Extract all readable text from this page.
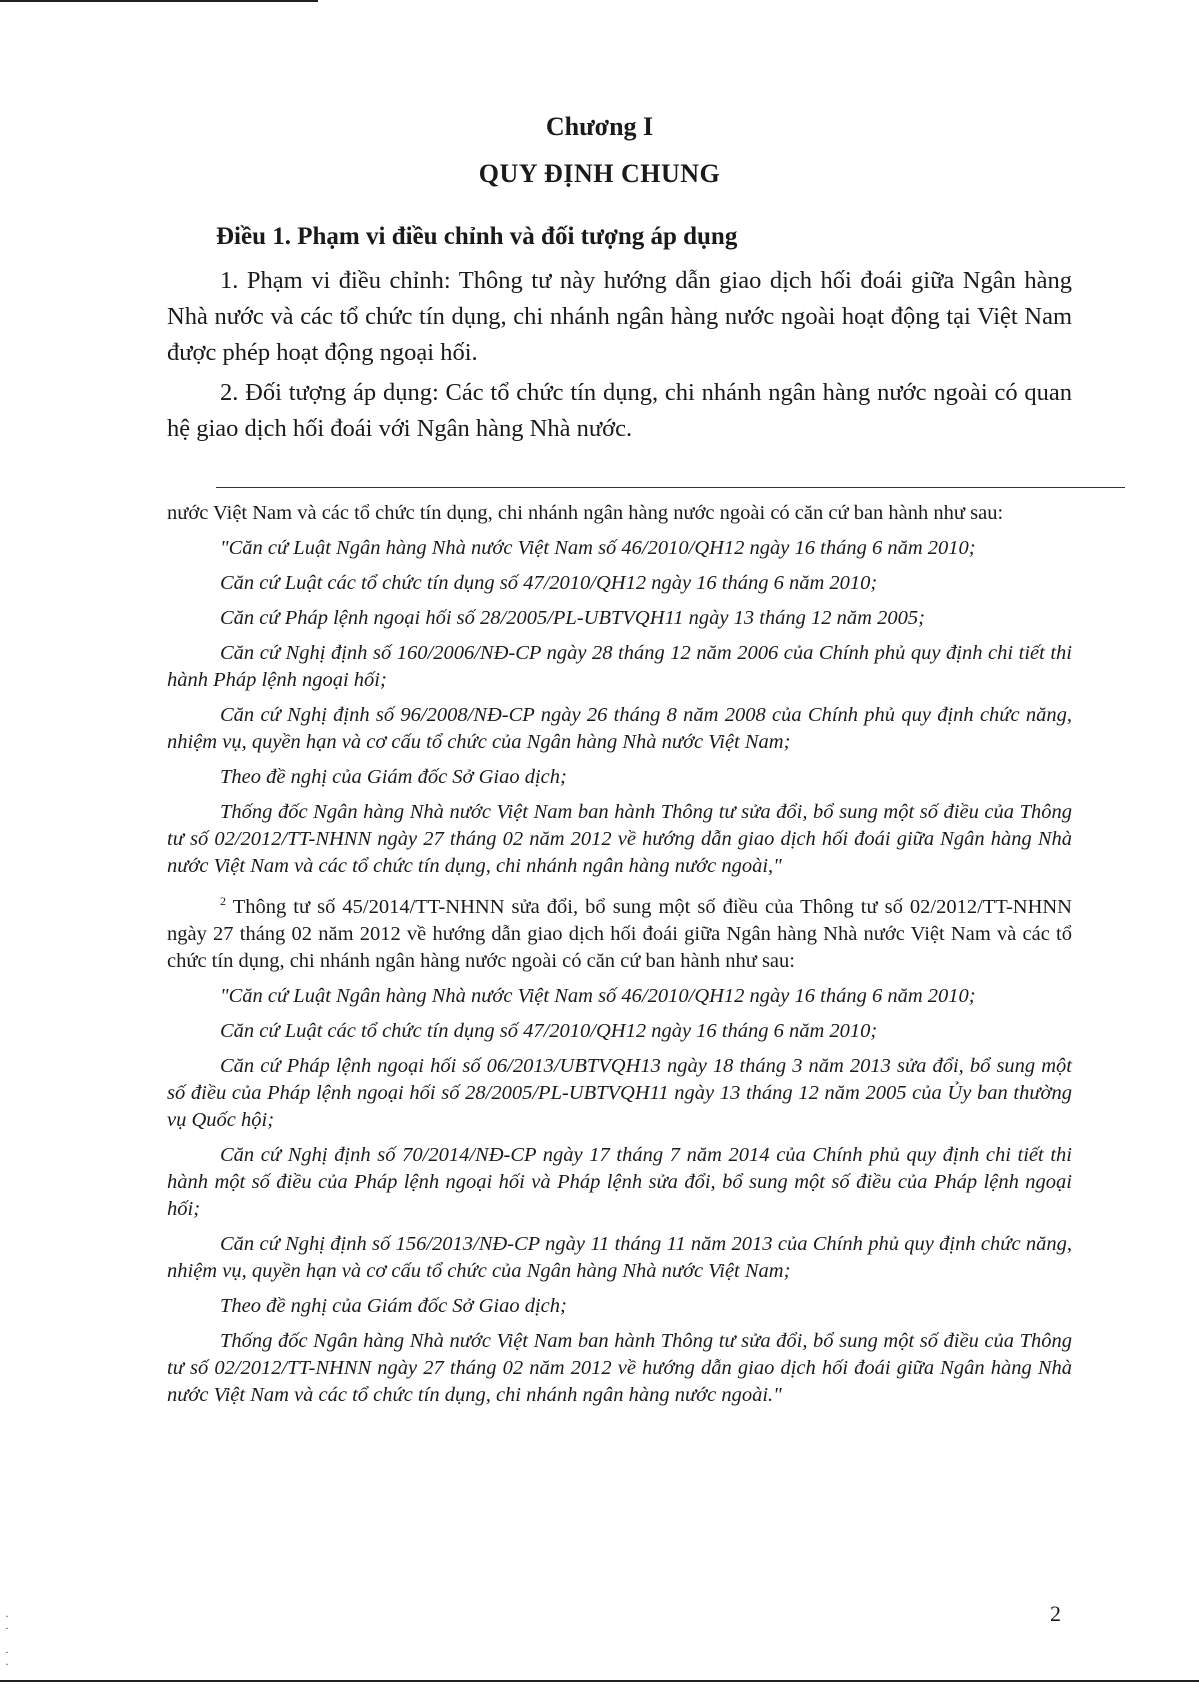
Chương I
QUY ĐỊNH CHUNG
Điều 1. Phạm vi điều chỉnh và đối tượng áp dụng

1. Phạm vi điều chỉnh: Thông tư này hướng dẫn giao dịch hối đoái giữa Ngân hàng Nhà nước và các tổ chức tín dụng, chi nhánh ngân hàng nước ngoài hoạt động tại Việt Nam được phép hoạt động ngoại hối.

2. Đối tượng áp dụng: Các tổ chức tín dụng, chi nhánh ngân hàng nước ngoài có quan hệ giao dịch hối đoái với Ngân hàng Nhà nước.

nước Việt Nam và các tổ chức tín dụng, chi nhánh ngân hàng nước ngoài có căn cứ ban hành như sau:

"Căn cứ Luật Ngân hàng Nhà nước Việt Nam số 46/2010/QH12 ngày 16 tháng 6 năm 2010;

Căn cứ Luật các tổ chức tín dụng số 47/2010/QH12 ngày 16 tháng 6 năm 2010;

Căn cứ Pháp lệnh ngoại hối số 28/2005/PL-UBTVQH11 ngày 13 tháng 12 năm 2005;

Căn cứ Nghị định số 160/2006/NĐ-CP ngày 28 tháng 12 năm 2006 của Chính phủ quy định chi tiết thi hành Pháp lệnh ngoại hối;

Căn cứ Nghị định số 96/2008/NĐ-CP ngày 26 tháng 8 năm 2008 của Chính phủ quy định chức năng, nhiệm vụ, quyền hạn và cơ cấu tổ chức của Ngân hàng Nhà nước Việt Nam;

Theo đề nghị của Giám đốc Sở Giao dịch;

Thống đốc Ngân hàng Nhà nước Việt Nam ban hành Thông tư sửa đổi, bổ sung một số điều của Thông tư số 02/2012/TT-NHNN ngày 27 tháng 02 năm 2012 về hướng dẫn giao dịch hối đoái giữa Ngân hàng Nhà nước Việt Nam và các tổ chức tín dụng, chi nhánh ngân hàng nước ngoài,"

$^2$ Thông tư số 45/2014/TT-NHNN sửa đổi, bổ sung một số điều của Thông tư số 02/2012/TT-NHNN ngày 27 tháng 02 năm 2012 về hướng dẫn giao dịch hối đoái giữa Ngân hàng Nhà nước Việt Nam và các tổ chức tín dụng, chi nhánh ngân hàng nước ngoài có căn cứ ban hành như sau:

"Căn cứ Luật Ngân hàng Nhà nước Việt Nam số 46/2010/QH12 ngày 16 tháng 6 năm 2010;

Căn cứ Luật các tổ chức tín dụng số 47/2010/QH12 ngày 16 tháng 6 năm 2010;

Căn cứ Pháp lệnh ngoại hối số 06/2013/UBTVQH13 ngày 18 tháng 3 năm 2013 sửa đổi, bổ sung một số điều của Pháp lệnh ngoại hối số 28/2005/PL-UBTVQH11 ngày 13 tháng 12 năm 2005 của Ủy ban thường vụ Quốc hội;

Căn cứ Nghị định số 70/2014/NĐ-CP ngày 17 tháng 7 năm 2014 của Chính phủ quy định chi tiết thi hành một số điều của Pháp lệnh ngoại hối và Pháp lệnh sửa đổi, bổ sung một số điều của Pháp lệnh ngoại hối;

Căn cứ Nghị định số 156/2013/NĐ-CP ngày 11 tháng 11 năm 2013 của Chính phủ quy định chức năng, nhiệm vụ, quyền hạn và cơ cấu tổ chức của Ngân hàng Nhà nước Việt Nam;

Theo đề nghị của Giám đốc Sở Giao dịch;

Thống đốc Ngân hàng Nhà nước Việt Nam ban hành Thông tư sửa đổi, bổ sung một số điều của Thông tư số 02/2012/TT-NHNN ngày 27 tháng 02 năm 2012 về hướng dẫn giao dịch hối đoái giữa Ngân hàng Nhà nước Việt Nam và các tổ chức tín dụng, chi nhánh ngân hàng nước ngoài."

2
·
·

·
·
